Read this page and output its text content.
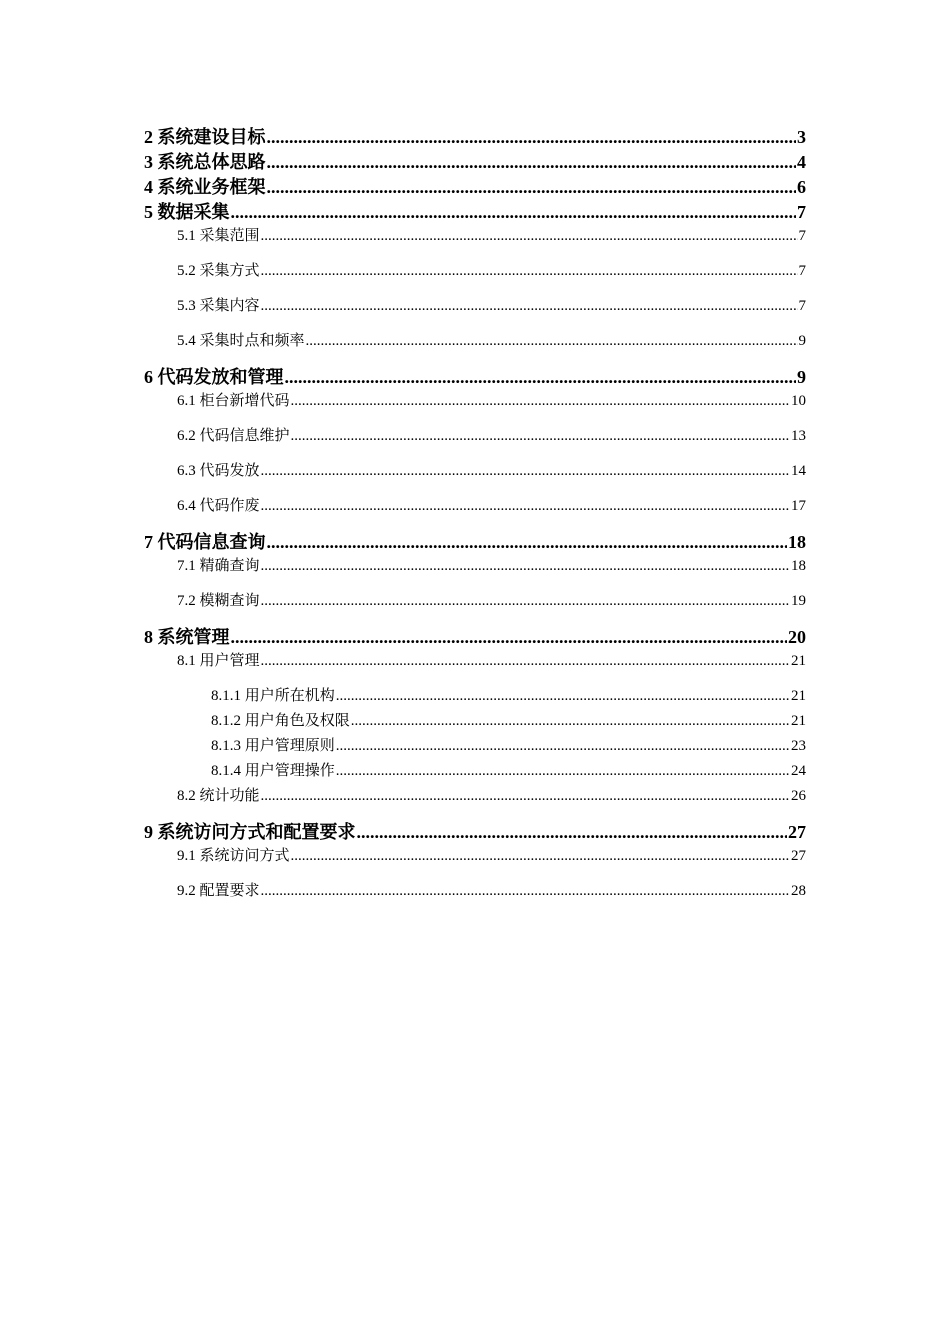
2 系统建设目标 .....	3
3 系统总体思路 .....	4
4 系统业务框架 .....	6
5 数据采集 .....	7
5.1 采集范围 .....	7
5.2 采集方式 .....	7
5.3 采集内容 .....	7
5.4 采集时点和频率 .....	9
6 代码发放和管理 .....	9
6.1 柜台新增代码 .....	10
6.2 代码信息维护 .....	13
6.3 代码发放 .....	14
6.4 代码作废 .....	17
7 代码信息查询 .....	18
7.1 精确查询 .....	18
7.2 模糊查询 .....	19
8 系统管理 .....	20
8.1 用户管理 .....	21
8.1.1 用户所在机构 .....	21
8.1.2 用户角色及权限 .....	21
8.1.3 用户管理原则 .....	23
8.1.4 用户管理操作 .....	24
8.2 统计功能 .....	26
9 系统访问方式和配置要求 .....	27
9.1 系统访问方式 .....	27
9.2 配置要求 .....	28
